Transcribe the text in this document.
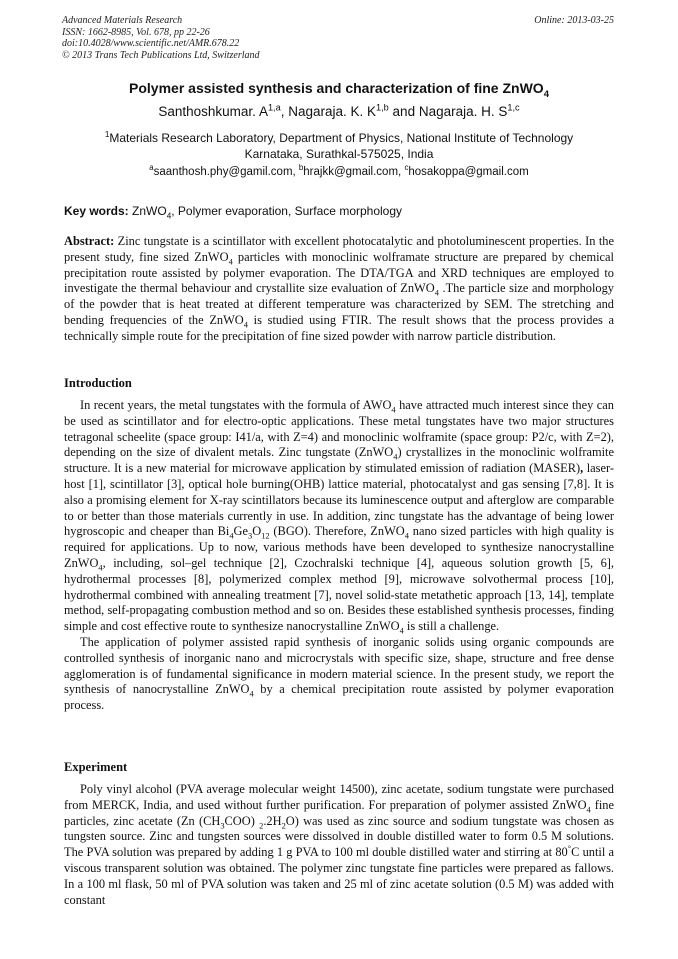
Advanced Materials Research
ISSN: 1662-8985, Vol. 678, pp 22-26
doi:10.4028/www.scientific.net/AMR.678.22
© 2013 Trans Tech Publications Ltd, Switzerland
Online: 2013-03-25
Polymer assisted synthesis and characterization of fine ZnWO$_4$
Santhoshkumar. A$^{1,a}$, Nagaraja. K. K$^{1,b}$ and Nagaraja. H. S$^{1,c}$
$^1$Materials Research Laboratory, Department of Physics, National Institute of Technology
Karnataka, Surathkal-575025, India
$^a$saanthosh.phy@gamil.com, $^b$hrajkk@gmail.com, $^c$hosakoppa@gmail.com
Key words: ZnWO$_4$, Polymer evaporation, Surface morphology

Abstract: Zinc tungstate is a scintillator with excellent photocatalytic and photoluminescent properties. In the present study, fine sized ZnWO$_4$ particles with monoclinic wolframate structure are prepared by chemical precipitation route assisted by polymer evaporation. The DTA/TGA and XRD techniques are employed to investigate the thermal behaviour and crystallite size evaluation of ZnWO$_4$ .The particle size and morphology of the powder that is heat treated at different temperature was characterized by SEM. The stretching and bending frequencies of the ZnWO$_4$ is studied using FTIR. The result shows that the process provides a technically simple route for the precipitation of fine sized powder with narrow particle distribution.

Introduction

In recent years, the metal tungstates with the formula of $AWO_4$ have attracted much interest since they can be used as scintillator and for electro-optic applications. These metal tungstates have two major structures tetragonal scheelite (space group: I41/a, with Z=4) and monoclinic wolframite (space group: P2/c, with Z=2), depending on the size of divalent metals. Zinc tungstate (ZnWO$_4$) crystallizes in the monoclinic wolframite structure. It is a new material for microwave application by stimulated emission of radiation (MASER), laser-host [1], scintillator [3], optical hole burning(OHB) lattice material, photocatalyst and gas sensing [7,8]. It is also a promising element for X-ray scintillators because its luminescence output and afterglow are comparable to or better than those materials currently in use. In addition, zinc tungstate has the advantage of being lower hygroscopic and cheaper than $Bi_4Ge_3O_{12}$ (BGO). Therefore, ZnWO$_4$ nano sized particles with high quality is required for applications. Up to now, various methods have been developed to synthesize nanocrystalline ZnWO$_4$, including, sol–gel technique [2], Czochralski technique [4], aqueous solution growth [5, 6], hydrothermal processes [8], polymerized complex method [9], microwave solvothermal process [10], hydrothermal combined with annealing treatment [7], novel solid-state metathetic approach [13, 14], template method, self-propagating combustion method and so on. Besides these established synthesis processes, finding simple and cost effective route to synthesize nanocrystalline ZnWO$_4$ is still a challenge.

The application of polymer assisted rapid synthesis of inorganic solids using organic compounds are controlled synthesis of inorganic nano and microcrystals with specific size, shape, structure and free dense agglomeration is of fundamental significance in modern material science. In the present study, we report the synthesis of nanocrystalline ZnWO$_4$ by a chemical precipitation route assisted by polymer evaporation process.

Experiment

Poly vinyl alcohol (PVA average molecular weight 14500), zinc acetate, sodium tungstate were purchased from MERCK, India, and used without further purification. For preparation of polymer assisted ZnWO$_4$ fine particles, zinc acetate (Zn $(CH_3COO)$ $_2.2H_2O$) was used as zinc source and sodium tungstate was chosen as tungsten source. Zinc and tungsten sources were dissolved in double distilled water to form 0.5 M solutions. The PVA solution was prepared by adding 1 g PVA to 100 ml double distilled water and stirring at 80°C until a viscous transparent solution was obtained. The polymer zinc tungstate fine particles were prepared as fallows. In a 100 ml flask, 50 ml of PVA solution was taken and 25 ml of zinc acetate solution (0.5 M) was added with constant
